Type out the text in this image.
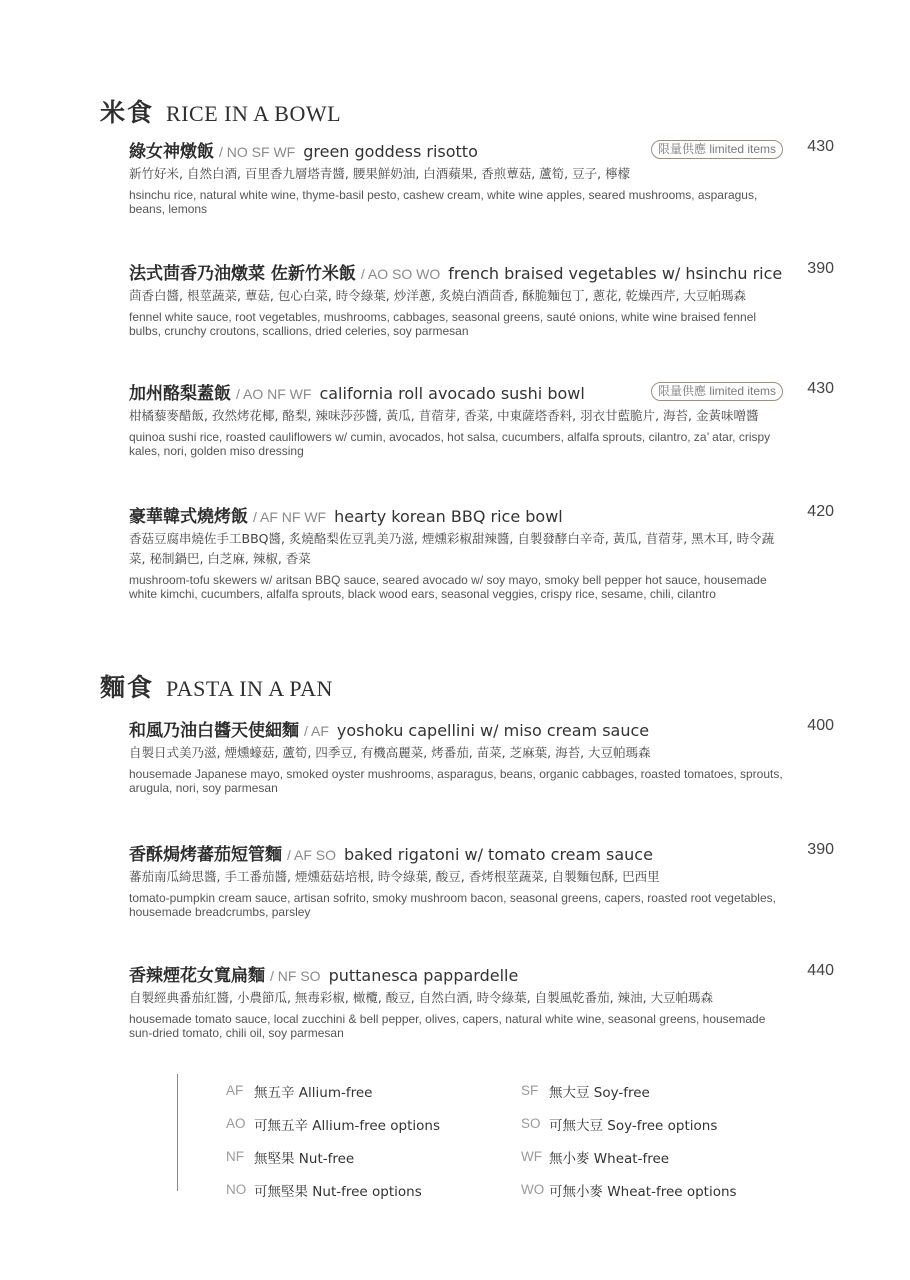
米食 RICE IN A BOWL
綠女神燉飯 / NO SF WF green goddess risotto	限量供應 limited items	430
新竹好米, 自然白酒, 百里香九層塔青醬, 腰果鮮奶油, 白酒蘋果, 香煎蕈菇, 蘆筍, 豆子, 檸檬
hsinchu rice, natural white wine, thyme-basil pesto, cashew cream, white wine apples, seared mushrooms, asparagus, beans, lemons
法式茴香乃油燉菜 佐新竹米飯 / AO SO WO french braised vegetables w/ hsinchu rice 390
茴香白醬, 根莖蔬菜, 蕈菇, 包心白菜, 時令綠葉, 炒洋蔥, 炙燒白酒茴香, 酥脆麵包丁, 蔥花, 乾燥西芹, 大豆帕瑪森
fennel white sauce, root vegetables, mushrooms, cabbages, seasonal greens, sauté onions, white wine braised fennel bulbs, crunchy croutons, scallions, dried celeries, soy parmesan
加州酪梨蓋飯 / AO NF WF california roll avocado sushi bowl	限量供應 limited items	430
柑橘藜麥醋飯, 孜然烤花椰, 酪梨, 辣味莎莎醬, 黃瓜, 苜蓿芽, 香菜, 中東薩塔香料, 羽衣甘藍脆片, 海苔, 金黃味噌醬
quinoa sushi rice, roasted cauliflowers w/ cumin, avocados, hot salsa, cucumbers, alfalfa sprouts, cilantro, za’ atar, crispy kales, nori, golden miso dressing
豪華韓式燒烤飯 / AF NF WF hearty korean BBQ rice bowl	420
香菇豆腐串燒佐手工BBQ醬, 炙燒酪梨佐豆乳美乃滋, 煙燻彩椒甜辣醬, 自製發酵白辛奇, 黃瓜, 苜蓿芽, 黑木耳, 時令蔬菜, 秘制鍋巴, 白芝麻, 辣椒, 香菜
mushroom-tofu skewers w/ aritsan BBQ sauce, seared avocado w/ soy mayo, smoky bell pepper hot sauce, housemade white kimchi, cucumbers, alfalfa sprouts, black wood ears, seasonal veggies, crispy rice, sesame, chili, cilantro
麵食 PASTA IN A PAN
和風乃油白醬天使細麵 / AF yoshoku capellini w/ miso cream sauce	400
自製日式美乃滋, 煙燻蠔菇, 蘆筍, 四季豆, 有機高麗菜, 烤番茄, 苗菜, 芝麻葉, 海苔, 大豆帕瑪森
housemade Japanese mayo, smoked oyster mushrooms, asparagus, beans, organic cabbages, roasted tomatoes, sprouts, arugula, nori, soy parmesan
香酥焗烤蕃茄短管麵 / AF SO baked rigatoni w/ tomato cream sauce	390
蕃茄南瓜綺思醬, 手工番茄醬, 煙燻菇菇培根, 時令綠葉, 酸豆, 香烤根莖蔬菜, 自製麵包酥, 巴西里
tomato-pumpkin cream sauce, artisan sofrito, smoky mushroom bacon, seasonal greens, capers, roasted root vegetables, housemade breadcrumbs, parsley
香辣煙花女寬扁麵 / NF SO puttanesca pappardelle	440
自製經典番茄紅醬, 小農節瓜, 無毒彩椒, 橄欖, 酸豆, 自然白酒, 時令綠葉, 自製風乾番茄, 辣油, 大豆帕瑪森
housemade tomato sauce, local zucchini & bell pepper, olives, capers, natural white wine, seasonal greens, housemade sun-dried tomato, chili oil, soy parmesan
AF 無五辛 Allium-free
AO 可無五辛 Allium-free options
NF 無堅果 Nut-free
NO 可無堅果 Nut-free options
SF 無大豆 Soy-free
SO 可無大豆 Soy-free options
WF 無小麥 Wheat-free
WO 可無小麥 Wheat-free options
